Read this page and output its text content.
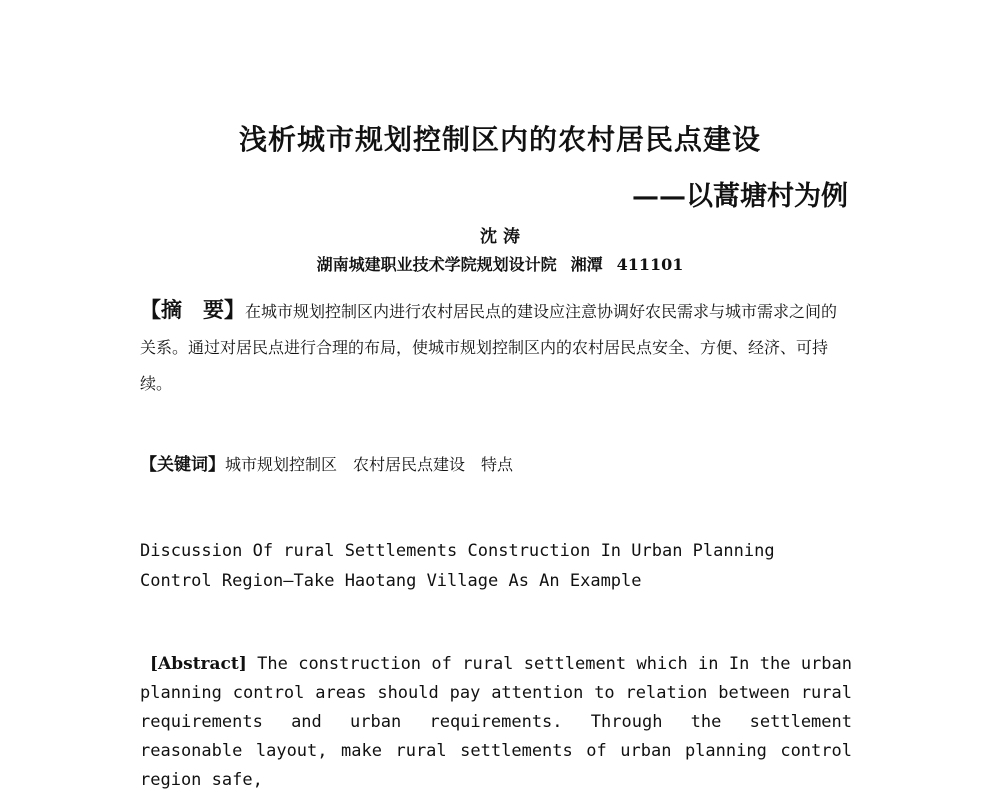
浅析城市规划控制区内的农村居民点建设
——以蒿塘村为例
沈 涛
湖南城建职业技术学院规划设计院 湘潭 411101
【摘　要】在城市规划控制区内进行农村居民点的建设应注意协调好农民需求与城市需求之间的关系。通过对居民点进行合理的布局，使城市规划控制区内的农村居民点安全、方便、经济、可持续。
【关键词】城市规划控制区 农村居民点建设 特点
Discussion Of rural Settlements Construction In Urban Planning Control Region—Take Haotang Village As An Example
[Abstract] The construction of rural settlement which in In the urban planning control areas should pay attention to relation between rural requirements and urban requirements. Through the settlement reasonable layout, make rural settlements of urban planning control region safe,
